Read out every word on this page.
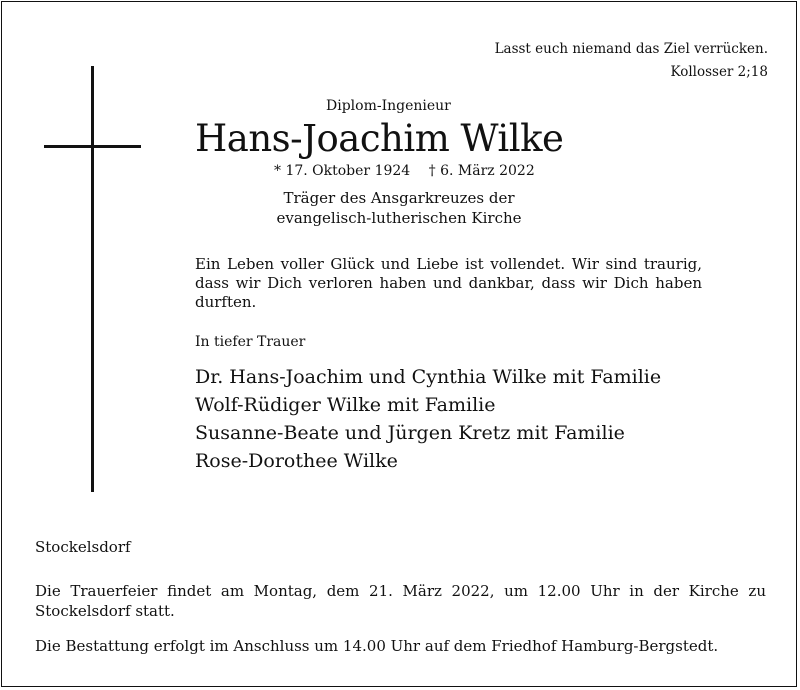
Lasst euch niemand das Ziel verrücken.
Kollosser 2;18
Diplom-Ingenieur
Hans-Joachim Wilke
* 17. Oktober 1924 † 6. März 2022
Träger des Ansgarkreuzes der
evangelisch-lutherischen Kirche
Ein Leben voller Glück und Liebe ist vollendet. Wir sind traurig, dass wir Dich verloren haben und dankbar, dass wir Dich haben durften.
In tiefer Trauer
Dr. Hans-Joachim und Cynthia Wilke mit Familie
Wolf-Rüdiger Wilke mit Familie
Susanne-Beate und Jürgen Kretz mit Familie
Rose-Dorothee Wilke
Stockelsdorf
Die Trauerfeier findet am Montag, dem 21. März 2022, um 12.00 Uhr in der Kirche zu Stockelsdorf statt.
Die Bestattung erfolgt im Anschluss um 14.00 Uhr auf dem Friedhof Hamburg-Bergstedt.
